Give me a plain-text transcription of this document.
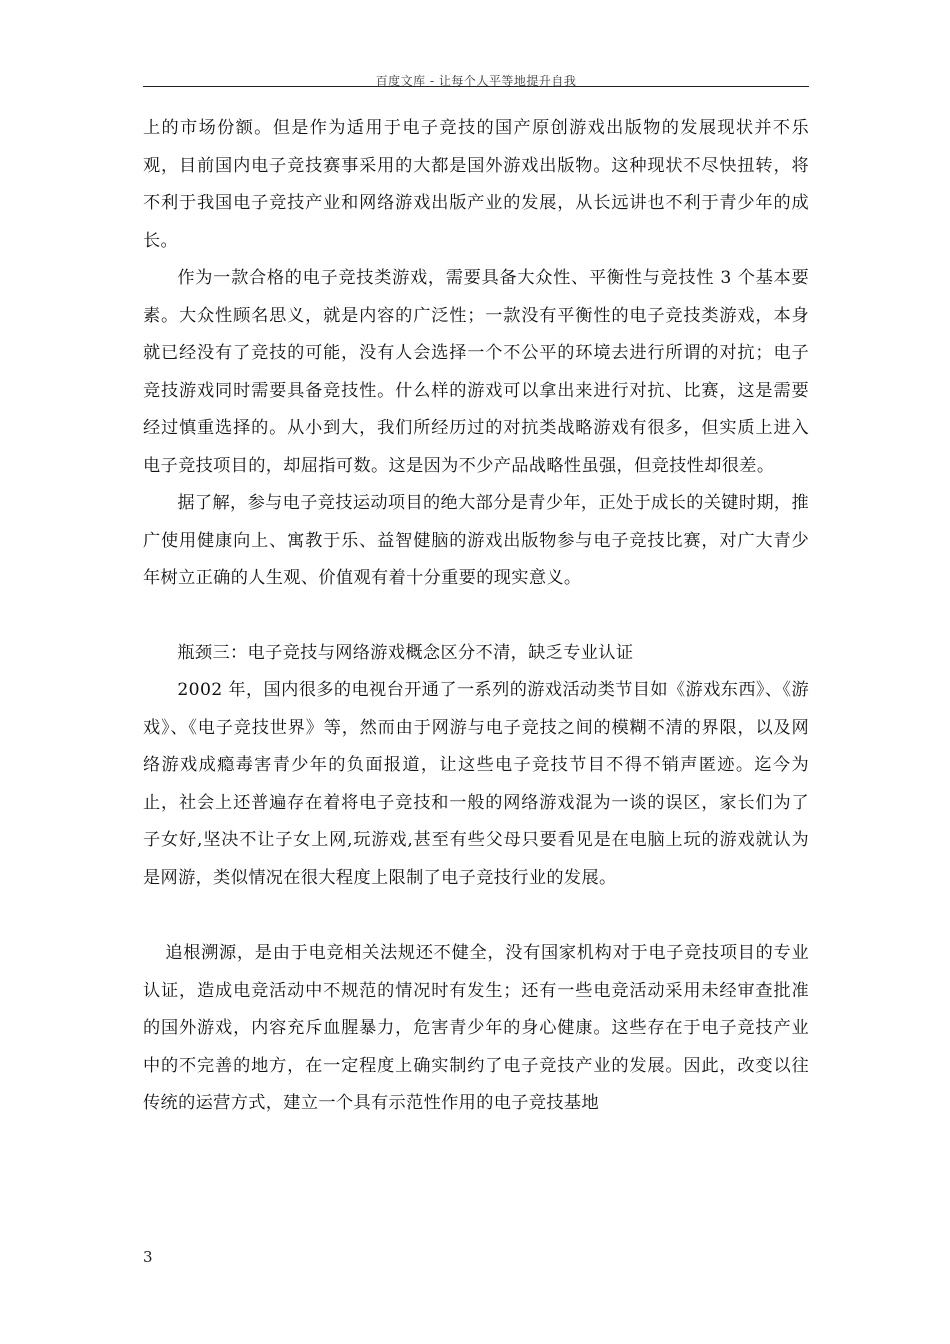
百度文库 - 让每个人平等地提升自我

上的市场份额。但是作为适用于电子竞技的国产原创游戏出版物的发展现状并不乐观，目前国内电子竞技赛事采用的大都是国外游戏出版物。这种现状不尽快扭转，将不利于我国电子竞技产业和网络游戏出版产业的发展，从长远讲也不利于青少年的成长。

作为一款合格的电子竞技类游戏，需要具备大众性、平衡性与竞技性 3 个基本要素。大众性顾名思义，就是内容的广泛性；一款没有平衡性的电子竞技类游戏，本身就已经没有了竞技的可能，没有人会选择一个不公平的环境去进行所谓的对抗；电子竞技游戏同时需要具备竞技性。什么样的游戏可以拿出来进行对抗、比赛，这是需要经过慎重选择的。从小到大，我们所经历过的对抗类战略游戏有很多，但实质上进入电子竞技项目的，却屈指可数。这是因为不少产品战略性虽强，但竞技性却很差。

据了解，参与电子竞技运动项目的绝大部分是青少年，正处于成长的关键时期，推广使用健康向上、寓教于乐、益智健脑的游戏出版物参与电子竞技比赛，对广大青少年树立正确的人生观、价值观有着十分重要的现实意义。

瓶颈三：电子竞技与网络游戏概念区分不清，缺乏专业认证

2002 年，国内很多的电视台开通了一系列的游戏活动类节目如《游戏东西》、《游戏》、《电子竞技世界》等，然而由于网游与电子竞技之间的模糊不清的界限，以及网络游戏成瘾毒害青少年的负面报道，让这些电子竞技节目不得不销声匿迹。迄今为止，社会上还普遍存在着将电子竞技和一般的网络游戏混为一谈的误区，家长们为了子女好,坚决不让子女上网,玩游戏,甚至有些父母只要看见是在电脑上玩的游戏就认为是网游，类似情况在很大程度上限制了电子竞技行业的发展。

追根溯源，是由于电竞相关法规还不健全，没有国家机构对于电子竞技项目的专业认证，造成电竞活动中不规范的情况时有发生；还有一些电竞活动采用未经审查批准的国外游戏，内容充斥血腥暴力，危害青少年的身心健康。这些存在于电子竞技产业中的不完善的地方，在一定程度上确实制约了电子竞技产业的发展。因此，改变以往传统的运营方式，建立一个具有示范性作用的电子竞技基地

3
